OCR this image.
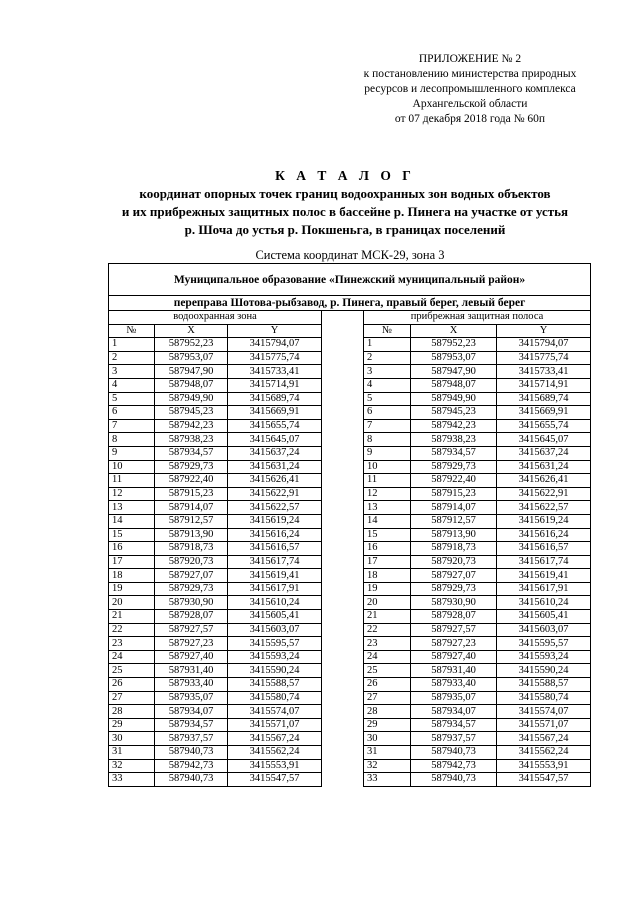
ПРИЛОЖЕНИЕ № 2
к постановлению министерства природных
ресурсов и лесопромышленного комплекса
Архангельской области
от 07 декабря 2018 года № 60п
К А Т А Л О Г
координат опорных точек границ водоохранных зон водных объектов
и их прибрежных защитных полос в бассейне р. Пинега на участке от устья
р. Шоча до устья р. Покшеньга, в границах поселений
Система координат МСК-29, зона 3
Муниципальное образование «Пинежский муниципальный район»						
переправа Шотова-рыбзавод, р. Пинега, правый берег, левый берег						
водоохранная зона				прибрежная защитная полоса		
№	X	Y		№	X	Y
1	587952,23	3415794,07		1	587952,23	3415794,07
2	587953,07	3415775,74		2	587953,07	3415775,74
3	587947,90	3415733,41		3	587947,90	3415733,41
4	587948,07	3415714,91		4	587948,07	3415714,91
5	587949,90	3415689,74		5	587949,90	3415689,74
6	587945,23	3415669,91		6	587945,23	3415669,91
7	587942,23	3415655,74		7	587942,23	3415655,74
8	587938,23	3415645,07		8	587938,23	3415645,07
9	587934,57	3415637,24		9	587934,57	3415637,24
10	587929,73	3415631,24		10	587929,73	3415631,24
11	587922,40	3415626,41		11	587922,40	3415626,41
12	587915,23	3415622,91		12	587915,23	3415622,91
13	587914,07	3415622,57		13	587914,07	3415622,57
14	587912,57	3415619,24		14	587912,57	3415619,24
15	587913,90	3415616,24		15	587913,90	3415616,24
16	587918,73	3415616,57		16	587918,73	3415616,57
17	587920,73	3415617,74		17	587920,73	3415617,74
18	587927,07	3415619,41		18	587927,07	3415619,41
19	587929,73	3415617,91		19	587929,73	3415617,91
20	587930,90	3415610,24		20	587930,90	3415610,24
21	587928,07	3415605,41		21	587928,07	3415605,41
22	587927,57	3415603,07		22	587927,57	3415603,07
23	587927,23	3415595,57		23	587927,23	3415595,57
24	587927,40	3415593,24		24	587927,40	3415593,24
25	587931,40	3415590,24		25	587931,40	3415590,24
26	587933,40	3415588,57		26	587933,40	3415588,57
27	587935,07	3415580,74		27	587935,07	3415580,74
28	587934,07	3415574,07		28	587934,07	3415574,07
29	587934,57	3415571,07		29	587934,57	3415571,07
30	587937,57	3415567,24		30	587937,57	3415567,24
31	587940,73	3415562,24		31	587940,73	3415562,24
32	587942,73	3415553,91		32	587942,73	3415553,91
33	587940,73	3415547,57		33	587940,73	3415547,57
